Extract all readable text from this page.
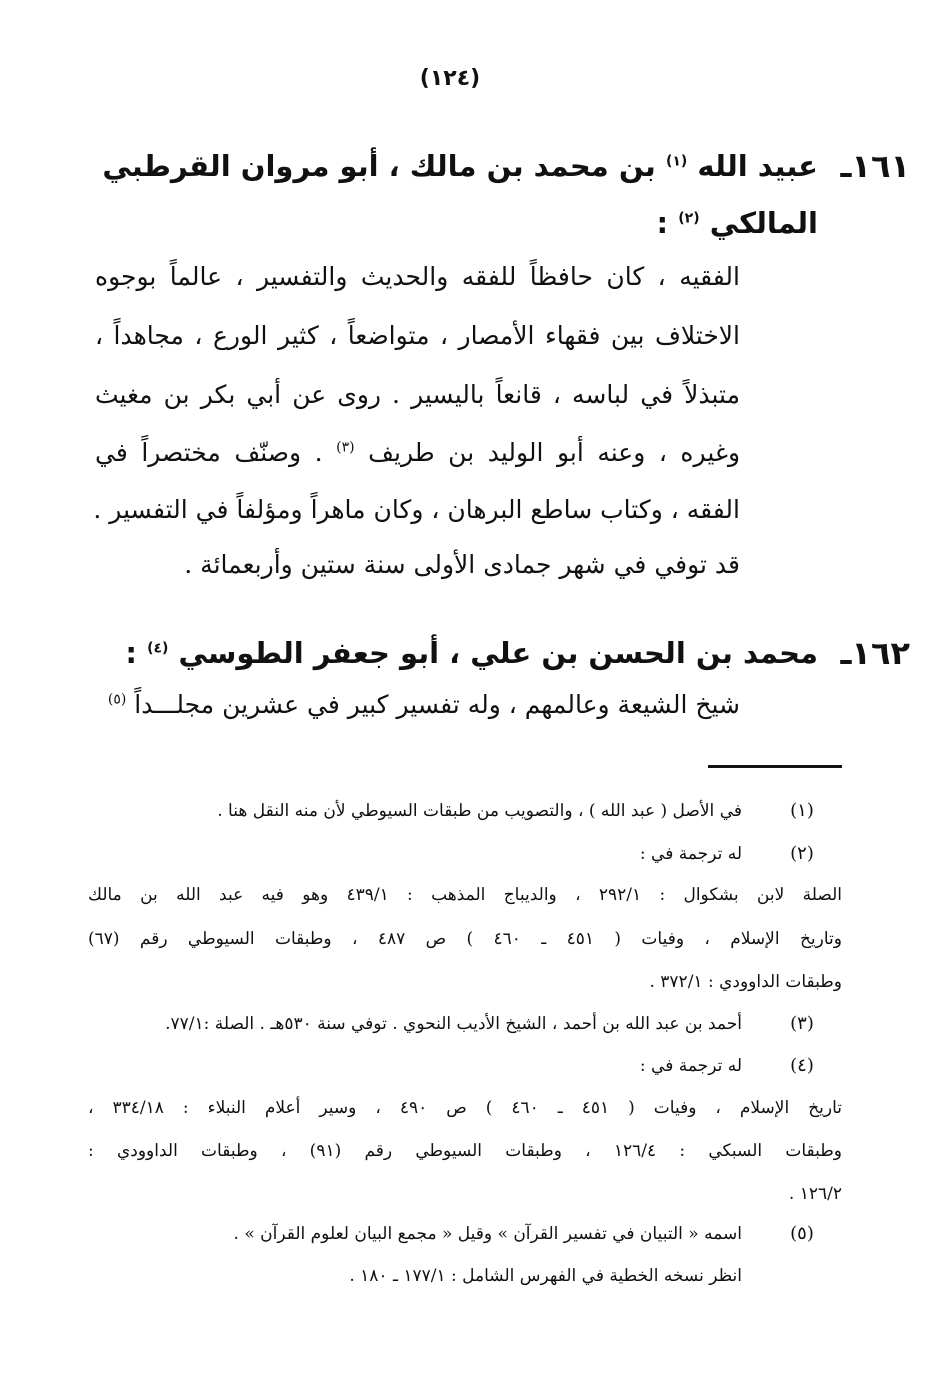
(١٢٤)
١٦١ـ
عبيد الله $^{(١)}$ بن محمد بن مالك ، أبو مروان القرطبي
المالكي $^{(٢)}$ :
الفقيه ، كان حافظاً للفقه والحديث والتفسير ، عالماً بوجوه
الاختلاف بين فقهاء الأمصار ، متواضعاً ، كثير الورع ، مجاهداً ،
متبذلاً في لباسه ، قانعاً باليسير . روى عن أبي بكر بن مغيث
وغيره ، وعنه أبو الوليد بن طريف $^{(٣)}$ . وصنّف مختصراً في
الفقه ، وكتاب ساطع البرهان ، وكان ماهراً ومؤلفاً في التفسير .
قد توفي في شهر جمادى الأولى سنة ستين وأربعمائة .
١٦٢ـ
محمد بن الحسن بن علي ، أبو جعفر الطوسي $^{(٤)}$ :
شيخ الشيعة وعالمهم ، وله تفسير كبير في عشرين مجلـــداً $^{(٥)}$
(١)
في الأصل ( عبد الله ) ، والتصويب من طبقات السيوطي لأن منه النقل هنا .
(٢)
له ترجمة في :
الصلة لابن بشكوال : ٢٩٢/١ ، والديباج المذهب : ٤٣٩/١ وهو فيه عبد الله بن مالك
وتاريخ الإسلام ، وفيات ( ٤٥١ ـ ٤٦٠ ) ص ٤٨٧ ، وطبقات السيوطي رقم (٦٧)
وطبقات الداوودي : ٣٧٢/١ .
(٣)
أحمد بن عبد الله بن أحمد ، الشيخ الأديب النحوي . توفي سنة ٥٣٠هـ . الصلة :٧٧/١.
(٤)
له ترجمة في :
تاريخ الإسلام ، وفيات ( ٤٥١ ـ ٤٦٠ ) ص ٤٩٠ ، وسير أعلام النبلاء : ٣٣٤/١٨ ،
وطبقات السبكي : ١٢٦/٤ ، وطبقات السيوطي رقم (٩١) ، وطبقات الداوودي :
١٢٦/٢ .
(٥)
اسمه « التبيان في تفسير القرآن » وقيل « مجمع البيان لعلوم القرآن » .
انظر نسخه الخطية في الفهرس الشامل : ١٧٧/١ ـ ١٨٠ .
